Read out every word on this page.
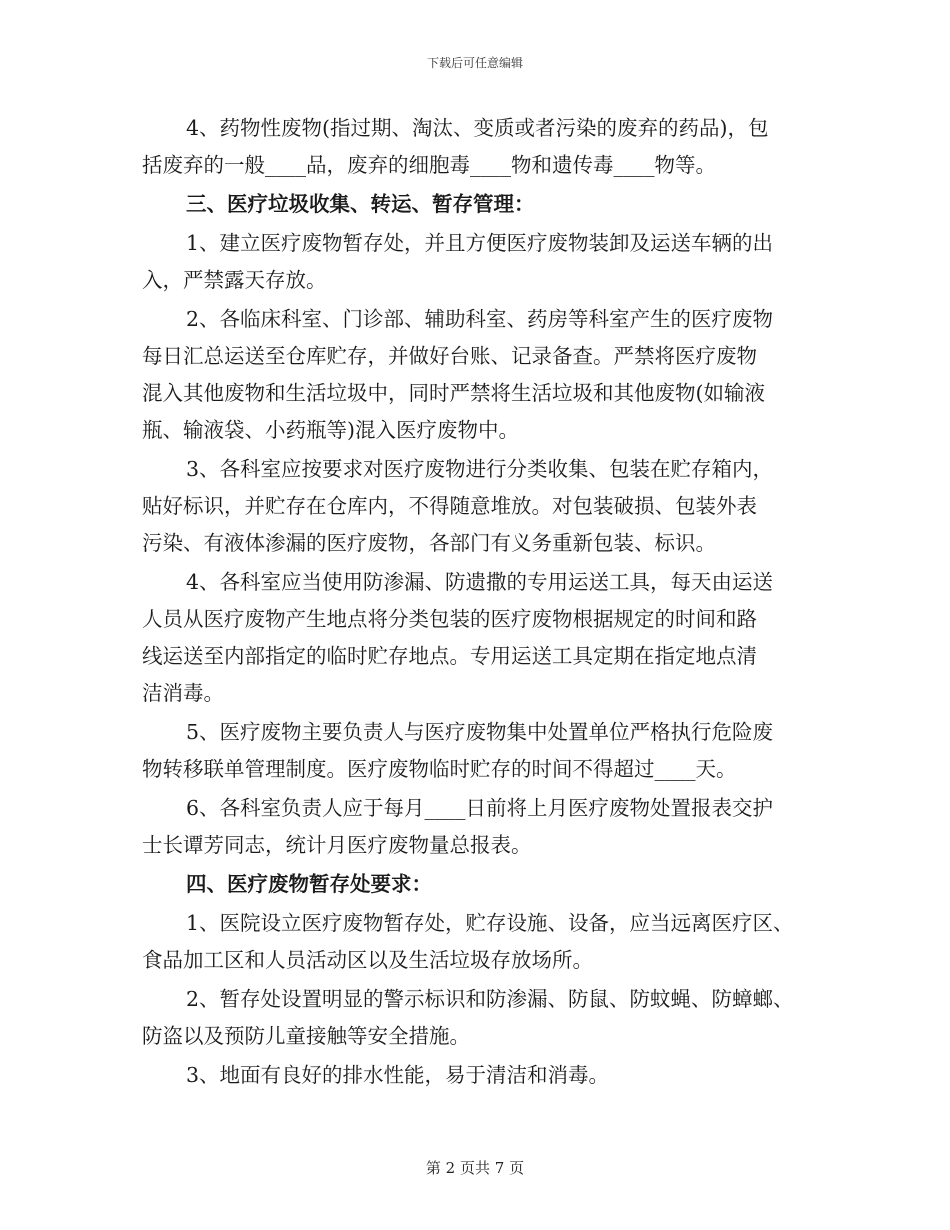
下载后可任意编辑
4、药物性废物(指过期、淘汰、变质或者污染的废弃的药品)，包
括废弃的一般____品，废弃的细胞毒____物和遗传毒____物等。
三、医疗垃圾收集、转运、暂存管理：
1、建立医疗废物暂存处，并且方便医疗废物装卸及运送车辆的出
入，严禁露天存放。
2、各临床科室、门诊部、辅助科室、药房等科室产生的医疗废物
每日汇总运送至仓库贮存，并做好台账、记录备查。严禁将医疗废物
混入其他废物和生活垃圾中，同时严禁将生活垃圾和其他废物(如输液
瓶、输液袋、小药瓶等)混入医疗废物中。
3、各科室应按要求对医疗废物进行分类收集、包装在贮存箱内，
贴好标识，并贮存在仓库内，不得随意堆放。对包装破损、包装外表
污染、有液体渗漏的医疗废物，各部门有义务重新包装、标识。
4、各科室应当使用防渗漏、防遗撒的专用运送工具，每天由运送
人员从医疗废物产生地点将分类包装的医疗废物根据规定的时间和路
线运送至内部指定的临时贮存地点。专用运送工具定期在指定地点清
洁消毒。
5、医疗废物主要负责人与医疗废物集中处置单位严格执行危险废
物转移联单管理制度。医疗废物临时贮存的时间不得超过____天。
6、各科室负责人应于每月____日前将上月医疗废物处置报表交护
士长谭芳同志，统计月医疗废物量总报表。
四、医疗废物暂存处要求：
1、医院设立医疗废物暂存处，贮存设施、设备，应当远离医疗区、
食品加工区和人员活动区以及生活垃圾存放场所。
2、暂存处设置明显的警示标识和防渗漏、防鼠、防蚊蝇、防蟑螂、
防盗以及预防儿童接触等安全措施。
3、地面有良好的排水性能，易于清洁和消毒。
第 2 页共 7 页
